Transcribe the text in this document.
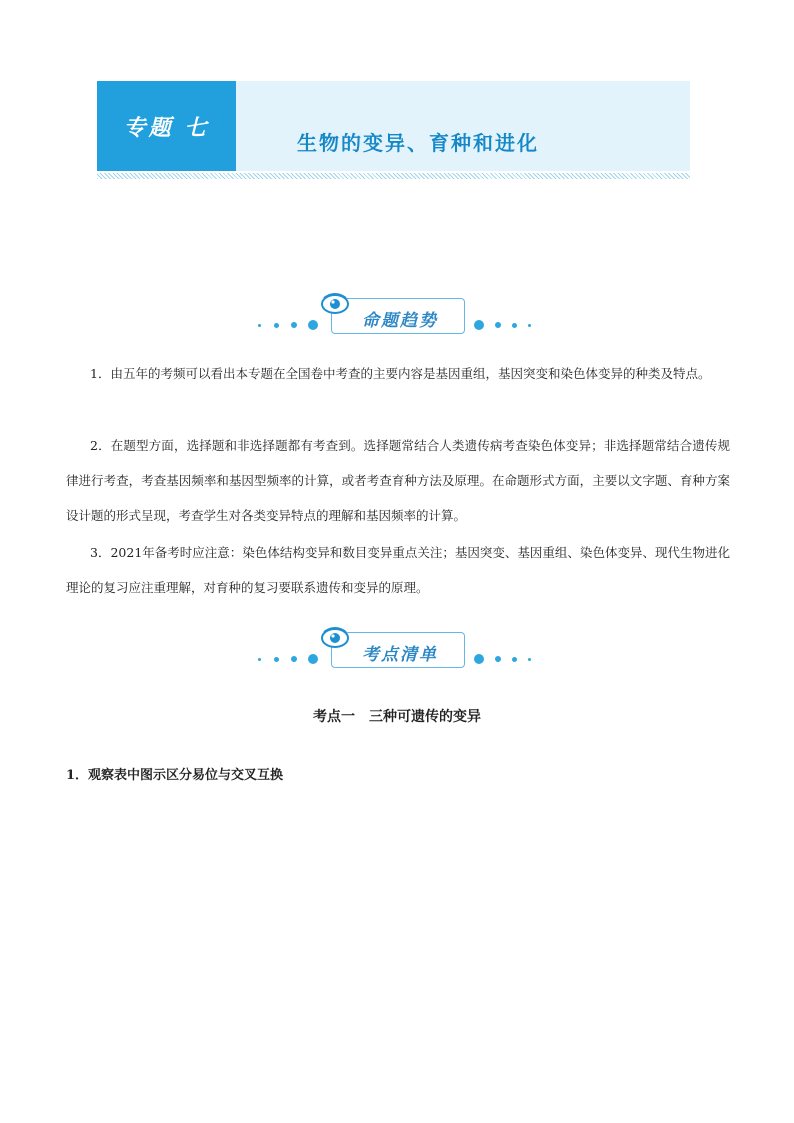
专题 七
生物的变异、育种和进化
命题趋势
1．由五年的考频可以看出本专题在全国卷中考查的主要内容是基因重组，基因突变和染色体变异的种类及特点。
2．在题型方面，选择题和非选择题都有考查到。选择题常结合人类遗传病考查染色体变异；非选择题常结合遗传规律进行考查，考查基因频率和基因型频率的计算，或者考查育种方法及原理。在命题形式方面，主要以文字题、育种方案设计题的形式呈现，考查学生对各类变异特点的理解和基因频率的计算。
3．2021年备考时应注意：染色体结构变异和数目变异重点关注；基因突变、基因重组、染色体变异、现代生物进化理论的复习应注重理解，对育种的复习要联系遗传和变异的原理。
考点清单
考点一　三种可遗传的变异
1．观察表中图示区分易位与交叉互换
